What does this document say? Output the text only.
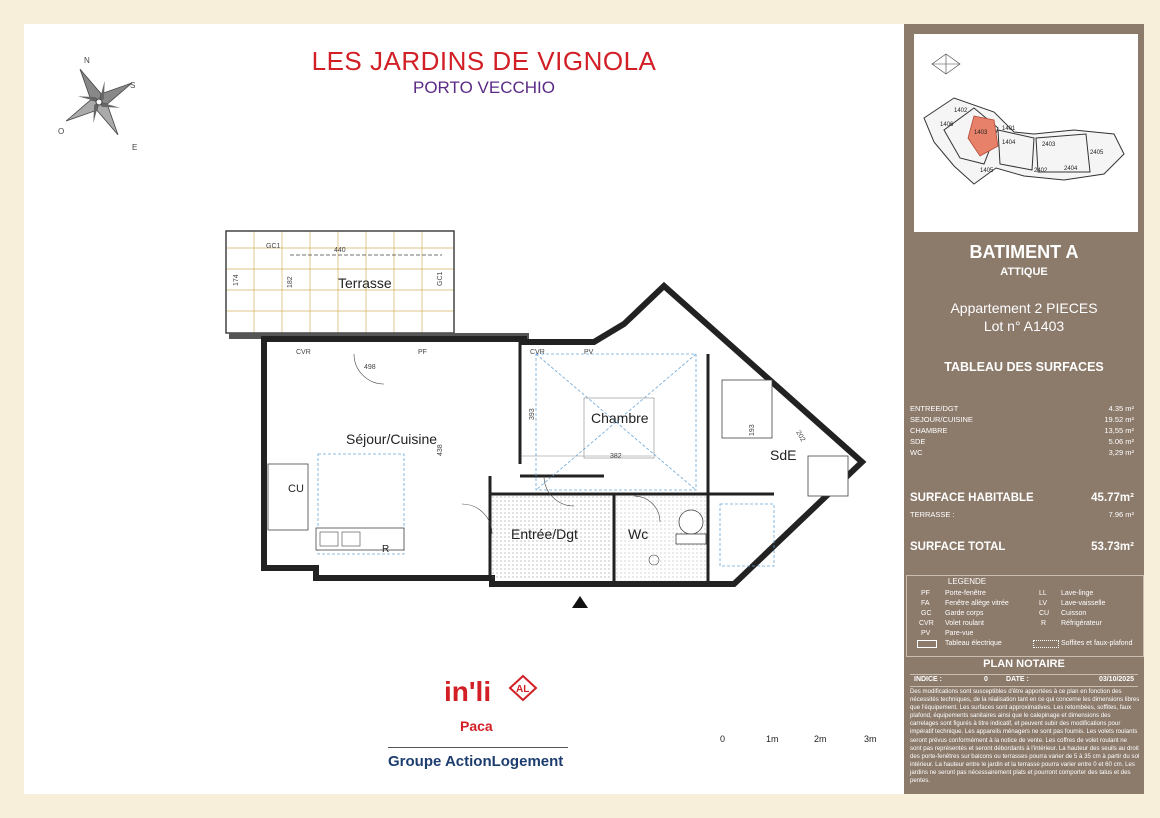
LES JARDINS DE VIGNOLA
PORTO VECCHIO
N
S
E
O
Terrasse
Séjour/Cuisine
Chambre
SdE
Entrée/Dgt	Wc
CU
R
GC1
GC1
CVR	PF	CVR	PV
440
174	182
498
438
382
393
193	202
0	1m	2m	3m
in'li AL
Paca
Groupe ActionLogement
1402
1403
1404
1405
1406
1401
2403
2402	2404
2405
BATIMENT A
ATTIQUE
Appartement 2 PIECES
Lot n° A1403
TABLEAU DES SURFACES
ENTREE/DGT	4.35 m²
SEJOUR/CUISINE	19.52 m²
CHAMBRE	13,55 m²
SDE	5.06 m²
WC	3,29 m²
SURFACE HABITABLE	45.77m²
TERRASSE :	7.96 m²
SURFACE TOTAL	53.73m²
LEGENDE
PF Porte-fenêtre
FA Fenêtre allège vitrée
GC Garde corps
CVR Volet roulant
PV Pare-vue
Tableau électrique
LL Lave-linge
LV Lave-vaisselle
CU Cuisson
R Réfrigérateur
Soffites et faux-plafond
PLAN NOTAIRE
INDICE :	0	DATE :	03/10/2025
Des modifications sont susceptibles d'être apportées à ce plan en fonction des nécessités techniques, de la réalisation tant en ce qui concerne les dimensions libres que l'équipement. Les surfaces sont approximatives. Les retombées, soffites, faux plafond, équipements sanitaires ainsi que le calepinage et dimensions des carrelages sont figurés à titre indicatif, et peuvent subir des modifications pour impératif technique. Les appareils ménagers ne sont pas fournis. Les volets roulants seront prévus conformément à la notice de vente. Les coffres de volet roulant ne sont pas représentés et seront débordants à l'intérieur. La hauteur des seuils au droit des porte-fenêtres sur balcons ou terrasses pourra varier de 5 à 35 cm à partir du sol intérieur. La hauteur entre le jardin et la terrasse pourra varier entre 0 et 60 cm. Les jardins ne seront pas nécessairement plats et pourront comporter des talus et des pentes.
